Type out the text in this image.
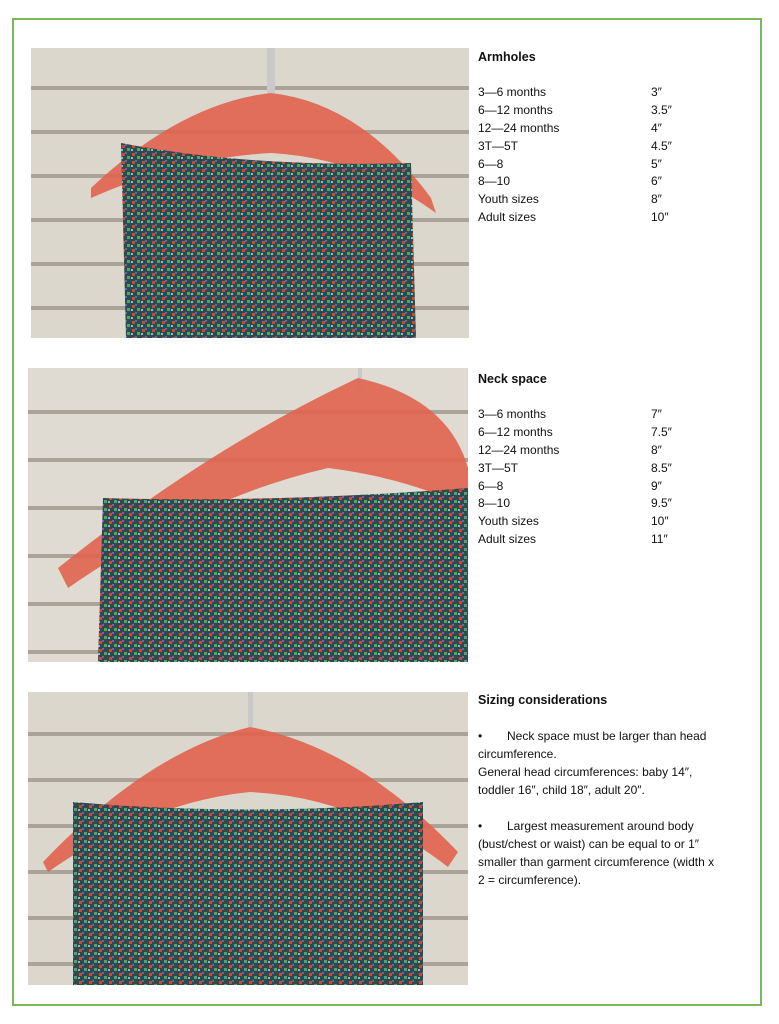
Armholes

3—6 months	3″
6—12 months	3.5″
12—24 months	4″
3T—5T	4.5″
6—8	5″
8—10	6″
Youth sizes	8″
Adult sizes	10″

Neck space

3—6 months	7″
6—12 months	7.5″
12—24 months	8″
3T—5T	8.5″
6—8	9″
8—10	9.5″
Youth sizes	10″
Adult sizes	11″

Sizing considerations

•	Neck space must be larger than head

circumference.

General head circumferences: baby 14″,

toddler 16″, child 18″, adult 20″.

•	Largest measurement around body

(bust/chest or waist) can be equal to or 1″

smaller than garment circumference (width x

2 = circumference).
